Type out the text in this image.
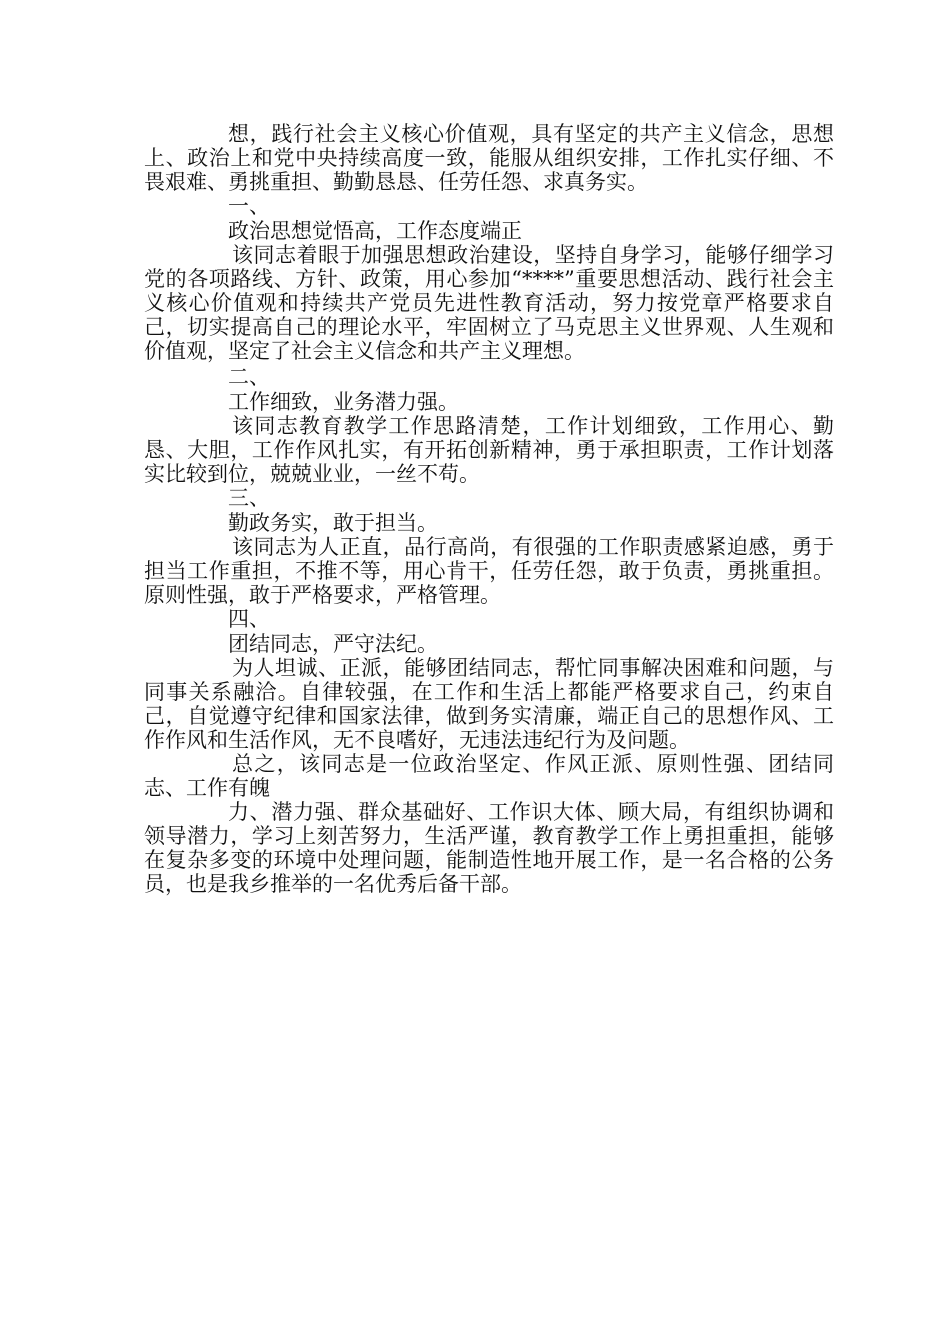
想，践行社会主义核心价值观，具有坚定的共产主义信念，思想上、政治上和党中央持续高度一致，能服从组织安排，工作扎实仔细、不畏艰难、勇挑重担、勤勤恳恳、任劳任怨、求真务实。

一、
政治思想觉悟高，工作态度端正

该同志着眼于加强思想政治建设，坚持自身学习，能够仔细学习党的各项路线、方针、政策，用心参加“****”重要思想活动、践行社会主义核心价值观和持续共产党员先进性教育活动，努力按党章严格要求自己，切实提高自己的理论水平，牢固树立了马克思主义世界观、人生观和价值观，坚定了社会主义信念和共产主义理想。

二、
工作细致，业务潜力强。

该同志教育教学工作思路清楚，工作计划细致，工作用心、勤恳、大胆，工作作风扎实，有开拓创新精神，勇于承担职责，工作计划落实比较到位，兢兢业业，一丝不苟。

三、
勤政务实，敢于担当。

该同志为人正直，品行高尚，有很强的工作职责感紧迫感，勇于担当工作重担，不推不等，用心肯干，任劳任怨，敢于负责，勇挑重担。原则性强，敢于严格要求，严格管理。

四、
团结同志，严守法纪。

为人坦诚、正派，能够团结同志，帮忙同事解决困难和问题，与同事关系融洽。自律较强，在工作和生活上都能严格要求自己，约束自己，自觉遵守纪律和国家法律，做到务实清廉，端正自己的思想作风、工作作风和生活作风，无不良嗜好，无违法违纪行为及问题。

总之，该同志是一位政治坚定、作风正派、原则性强、团结同志、工作有魄

力、潜力强、群众基础好、工作识大体、顾大局，有组织协调和领导潜力，学习上刻苦努力，生活严谨，教育教学工作上勇担重担，能够在复杂多变的环境中处理问题，能制造性地开展工作，是一名合格的公务员，也是我乡推举的一名优秀后备干部。
